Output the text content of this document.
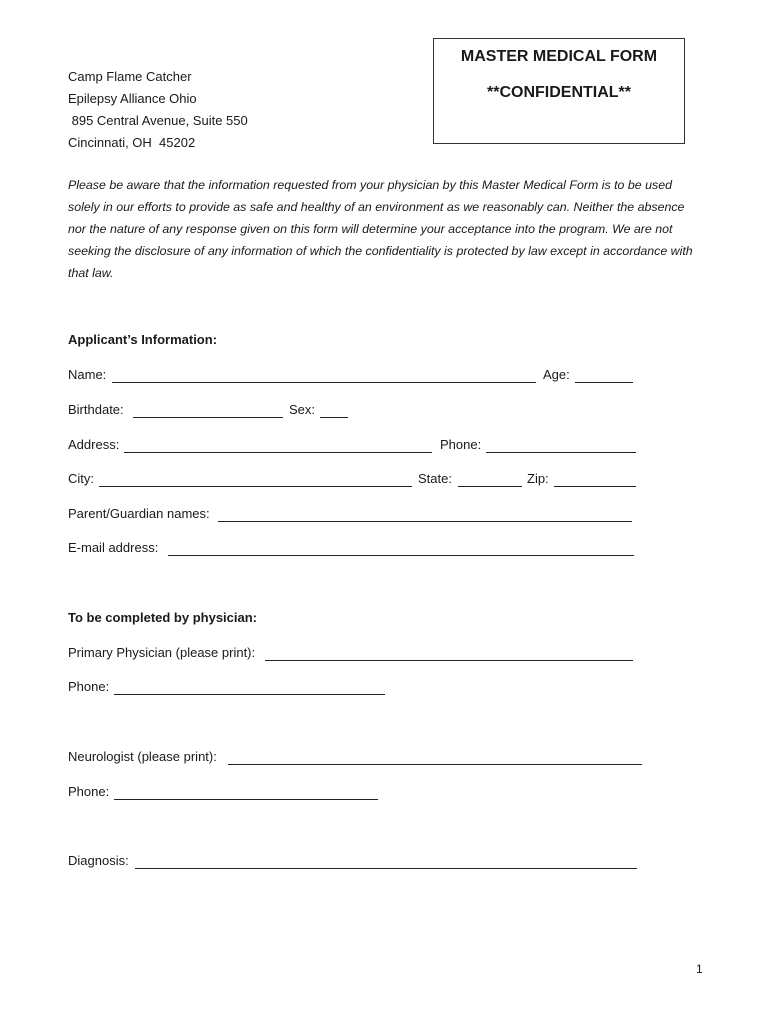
Camp Flame Catcher
Epilepsy Alliance Ohio
895 Central Avenue, Suite 550
Cincinnati, OH  45202
MASTER MEDICAL FORM
**CONFIDENTIAL**
Please be aware that the information requested from your physician by this Master Medical Form is to be used solely in our efforts to provide as safe and healthy of an environment as we reasonably can. Neither the absence nor the nature of any response given on this form will determine your acceptance into the program. We are not seeking the disclosure of any information of which the confidentiality is protected by law except in accordance with that law.
Applicant’s Information:
Name:	Age:
Birthdate:	Sex:
Address:	Phone:
City:	State:	Zip:
Parent/Guardian names:
E-mail address:
To be completed by physician:
Primary Physician (please print):
Phone:
Neurologist (please print):
Phone:
Diagnosis:
1
